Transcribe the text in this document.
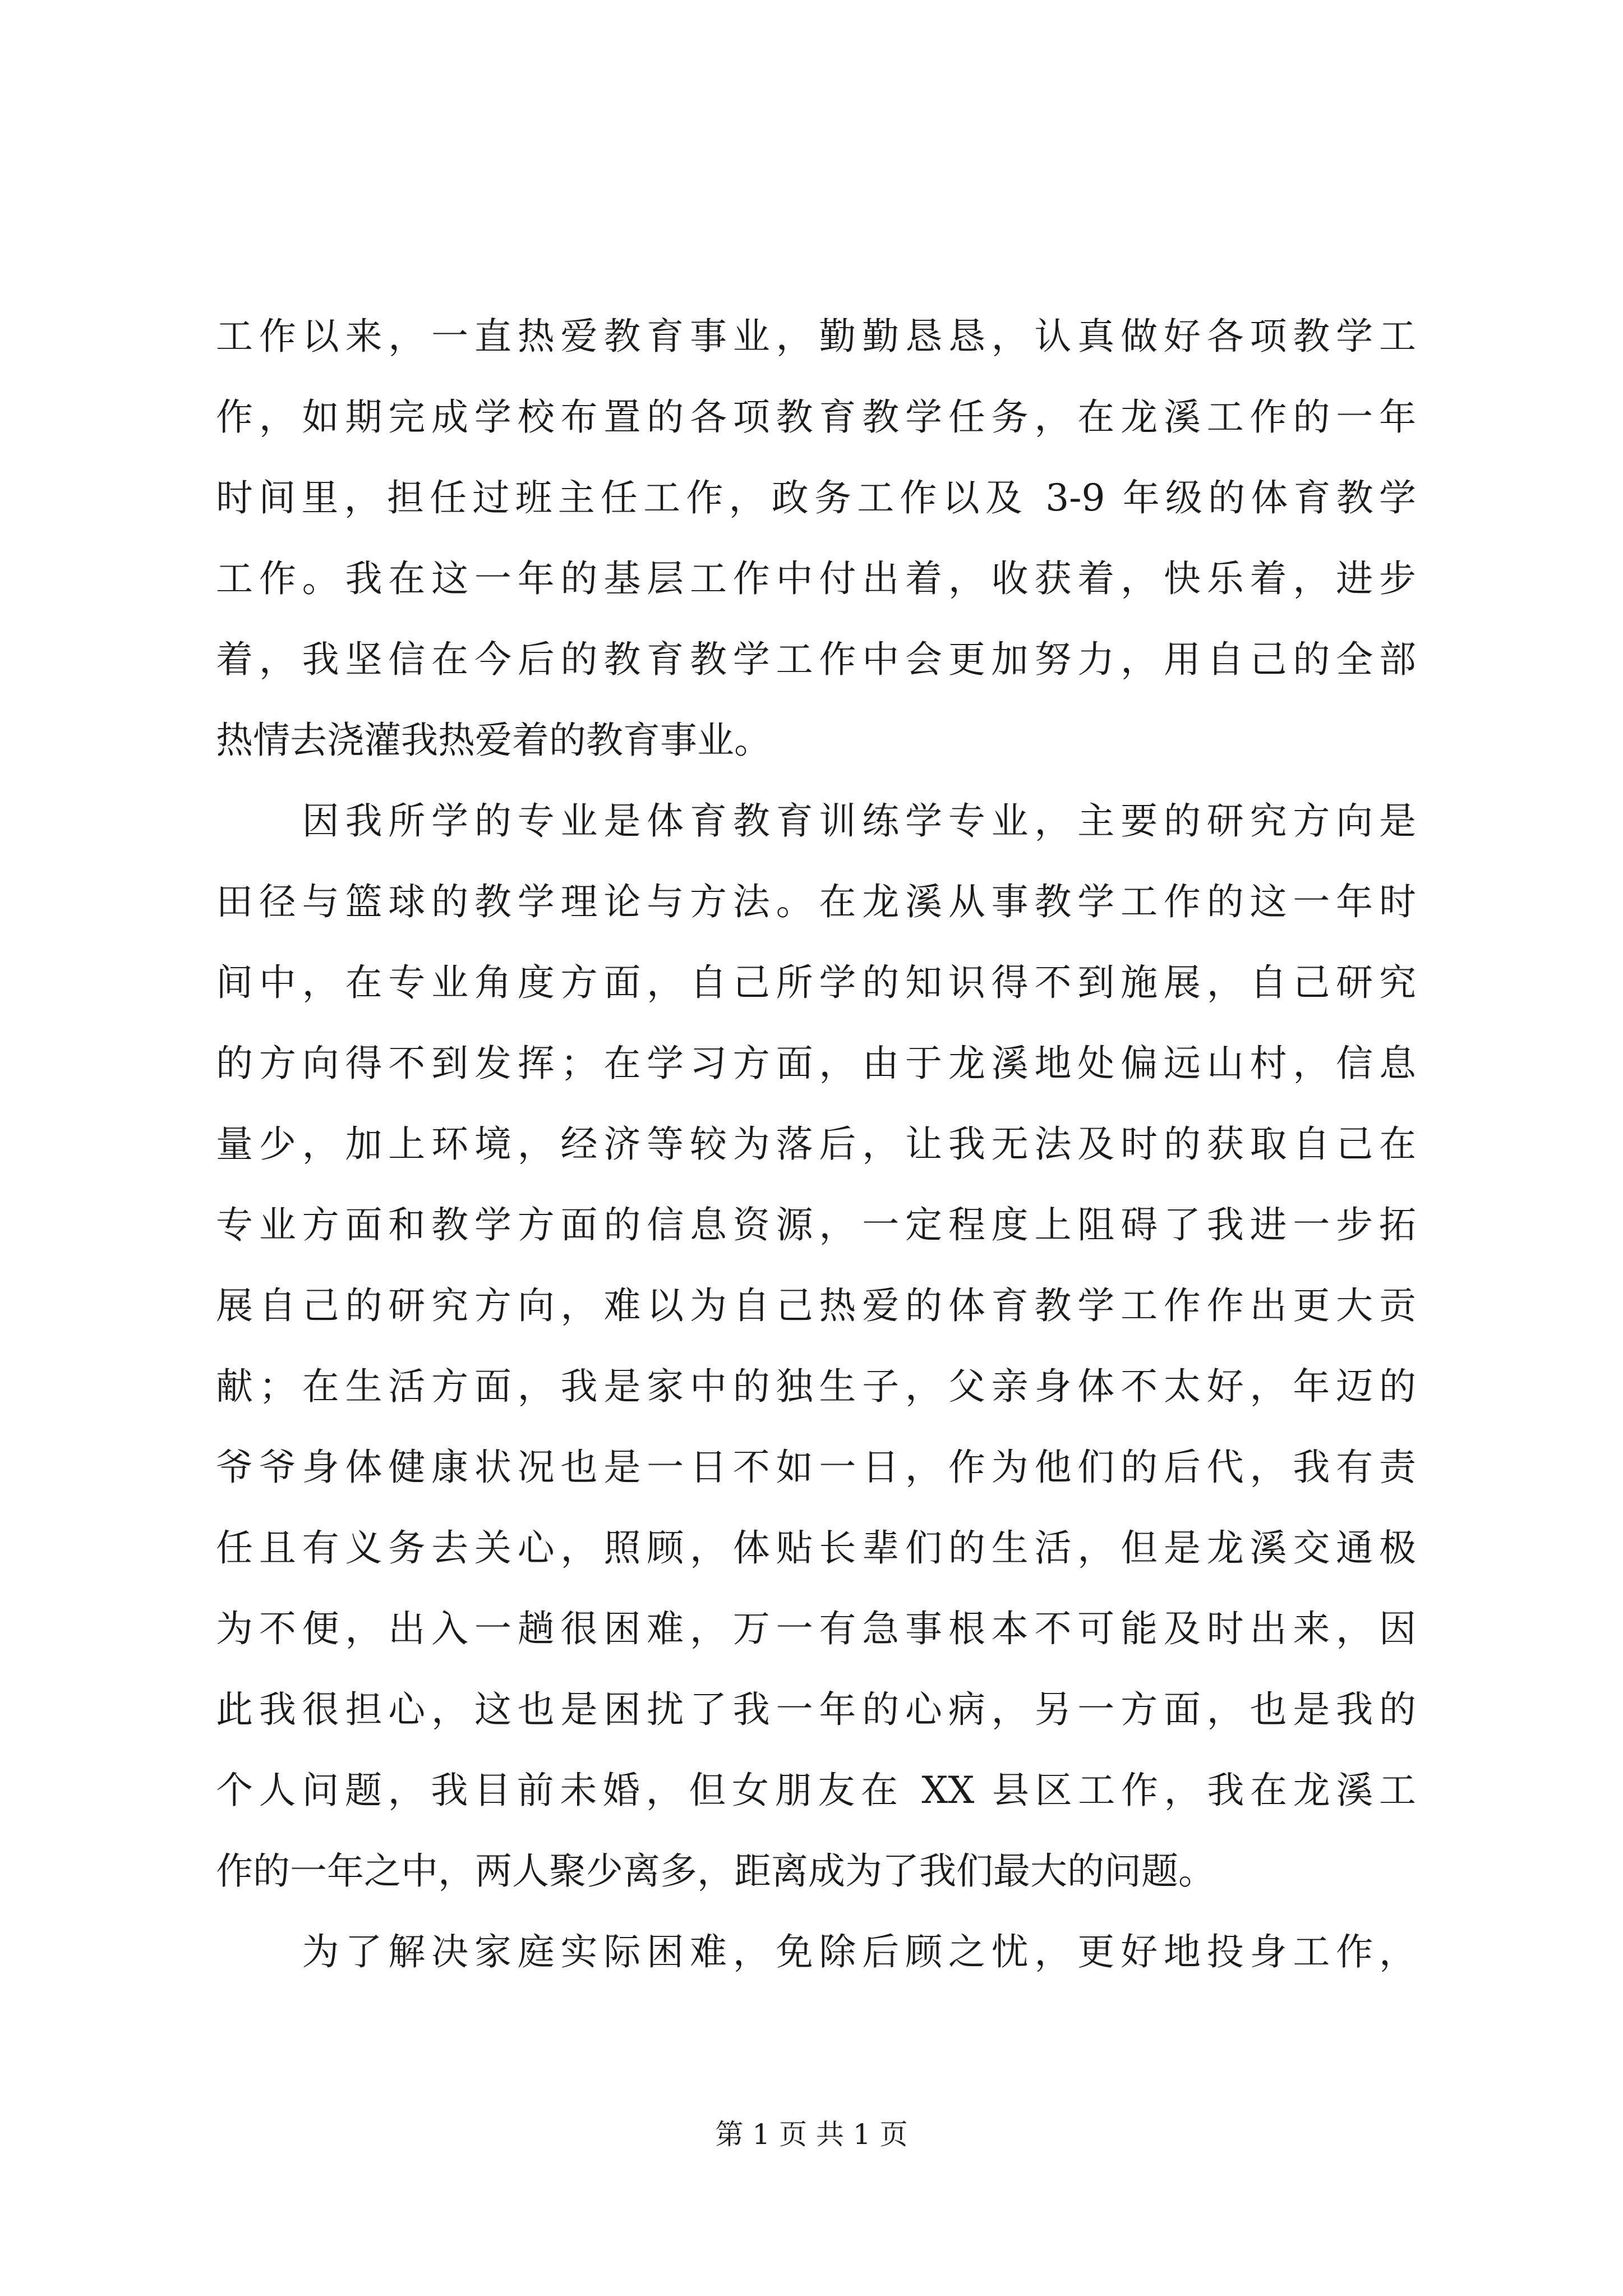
工作以来，一直热爱教育事业，勤勤恳恳，认真做好各项教学工
作，如期完成学校布置的各项教育教学任务，在龙溪工作的一年
时间里，担任过班主任工作，政务工作以及 3-9 年级的体育教学
工作。我在这一年的基层工作中付出着，收获着，快乐着，进步
着，我坚信在今后的教育教学工作中会更加努力，用自己的全部
热情去浇灌我热爱着的教育事业。
　　因我所学的专业是体育教育训练学专业，主要的研究方向是
田径与篮球的教学理论与方法。在龙溪从事教学工作的这一年时
间中，在专业角度方面，自己所学的知识得不到施展，自己研究
的方向得不到发挥；在学习方面，由于龙溪地处偏远山村，信息
量少，加上环境，经济等较为落后，让我无法及时的获取自己在
专业方面和教学方面的信息资源，一定程度上阻碍了我进一步拓
展自己的研究方向，难以为自己热爱的体育教学工作作出更大贡
献；在生活方面，我是家中的独生子，父亲身体不太好，年迈的
爷爷身体健康状况也是一日不如一日，作为他们的后代，我有责
任且有义务去关心，照顾，体贴长辈们的生活，但是龙溪交通极
为不便，出入一趟很困难，万一有急事根本不可能及时出来，因
此我很担心，这也是困扰了我一年的心病，另一方面，也是我的
个人问题，我目前未婚，但女朋友在 XX 县区工作，我在龙溪工
作的一年之中，两人聚少离多，距离成为了我们最大的问题。
　　为了解决家庭实际困难，免除后顾之忧，更好地投身工作，
第 1 页 共 1 页
